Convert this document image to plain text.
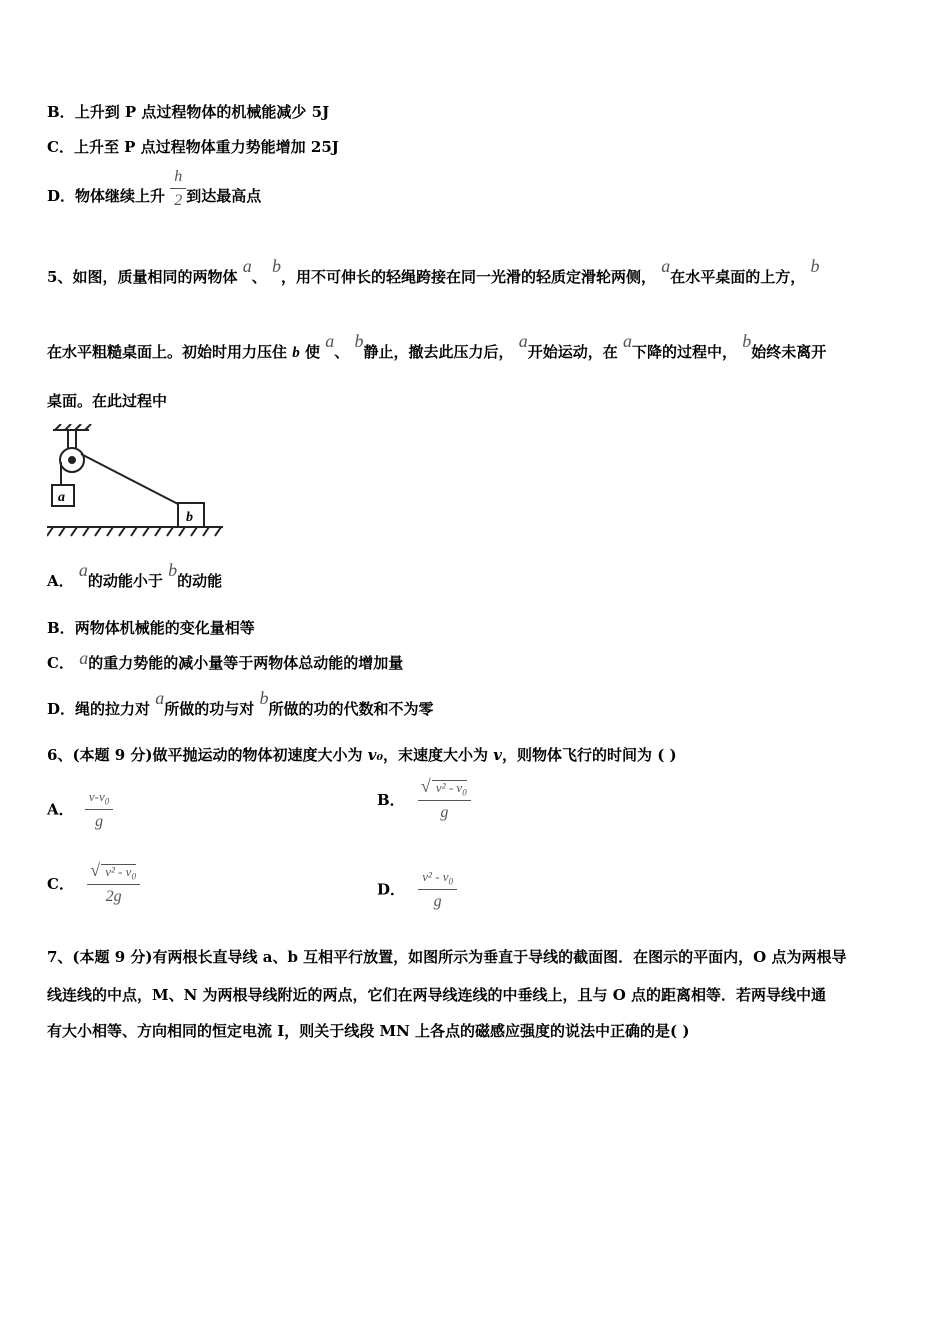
B．上升到 P 点过程物体的机械能减少 5J
C．上升至 P 点过程物体重力势能增加 25J
D．物体继续上升 $\frac{h}{2}$ 到达最高点
5、如图，质量相同的两物体 a、 b，用不可伸长的轻绳跨接在同一光滑的轻质定滑轮两侧， a在水平桌面的上方， b
在水平粗糙桌面上。初始时用力压住 b 使 a、 b静止，撤去此压力后， a开始运动，在 a下降的过程中， b始终未离开
桌面。在此过程中
a
b
A． a的动能小于 b的动能
B．两物体机械能的变化量相等
C． a的重力势能的减小量等于两物体总动能的增加量
D．绳的拉力对 a所做的功与对 b所做的功的代数和不为零
6、(本题 9 分)做平抛运动的物体初速度大小为 v₀，末速度大小为 v，则物体飞行的时间为 ( )
A． $\frac{v-v_0}{g}$	B． √ $\frac{v^2 - v_0}{g}$
C． √ $\frac{v^2 - v_0}{2g}$	D． $\frac{v^2 - v_0}{g}$
7、(本题 9 分)有两根长直导线 a、b 互相平行放置，如图所示为垂直于导线的截面图．在图示的平面内，O 点为两根导
线连线的中点，M、N 为两根导线附近的两点，它们在两导线连线的中垂线上，且与 O 点的距离相等．若两导线中通
有大小相等、方向相同的恒定电流 I，则关于线段 MN 上各点的磁感应强度的说法中正确的是( )
